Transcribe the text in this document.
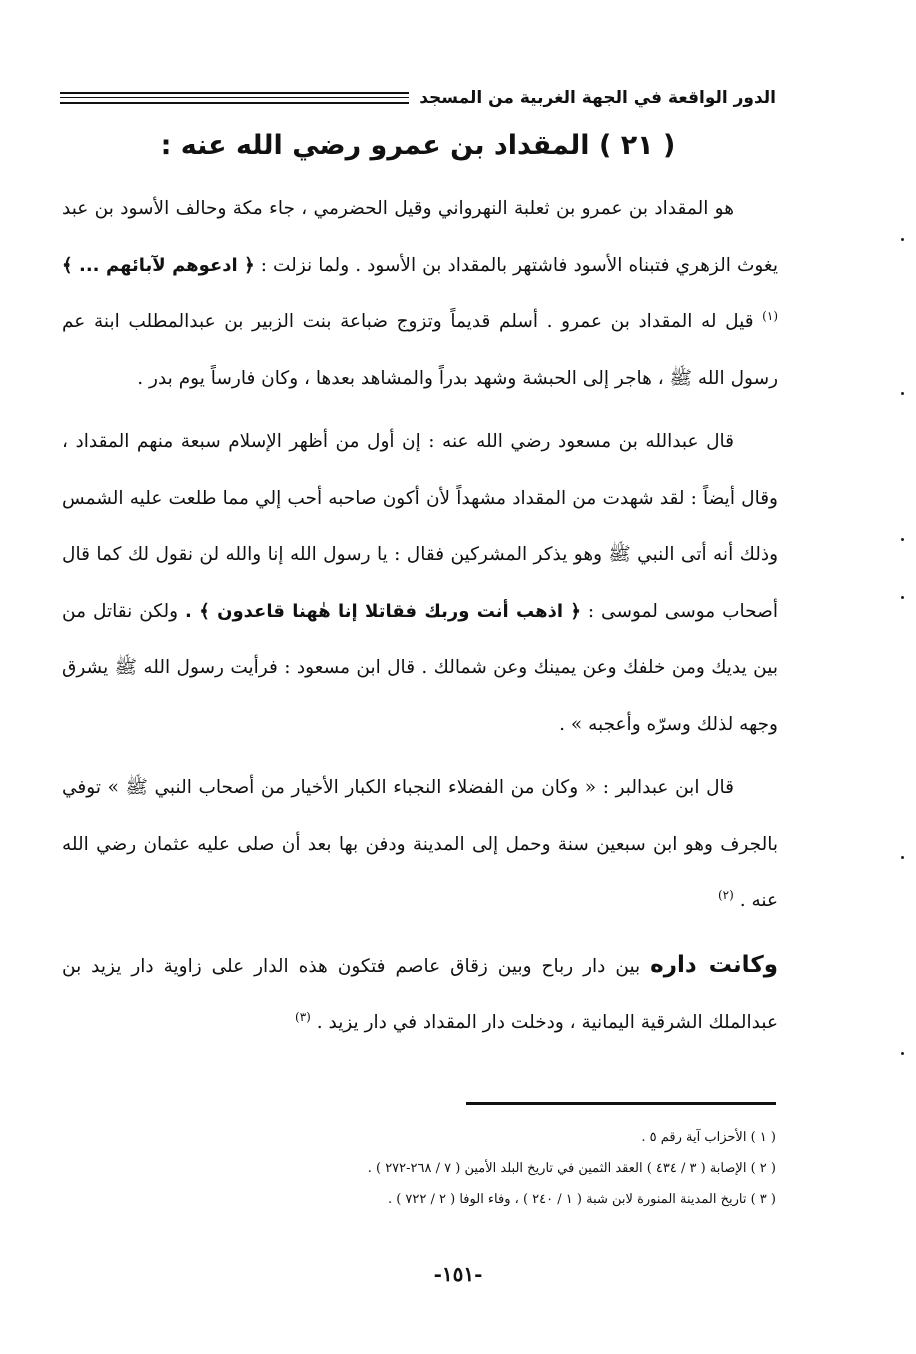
الدور الواقعة في الجهة الغربية من المسجد
( ٢١ ) المقداد بن عمرو رضي الله عنه :

هو المقداد بن عمرو بن ثعلبة النهرواني وقيل الحضرمي ، جاء مكة وحالف الأسود بن عبد يغوث الزهري فتبناه الأسود فاشتهر بالمقداد بن الأسود . ولما نزلت : ﴿ ادعوهم لآبائهم ... ﴾ $^{(١)}$ قيل له المقداد بن عمرو . أسلم قديماً وتزوج ضباعة بنت الزبير بن عبدالمطلب ابنة عم رسول الله ﷺ ، هاجر إلى الحبشة وشهد بدراً والمشاهد بعدها ، وكان فارساً يوم بدر .

قال عبدالله بن مسعود رضي الله عنه : إن أول من أظهر الإسلام سبعة منهم المقداد ، وقال أيضاً : لقد شهدت من المقداد مشهداً لأن أكون صاحبه أحب إلي مما طلعت عليه الشمس وذلك أنه أتى النبي ﷺ وهو يذكر المشركين فقال : يا رسول الله إنا والله لن نقول لك كما قال أصحاب موسى لموسى : ﴿ اذهب أنت وربك فقاتلا إنا هٰهنا قاعدون ﴾ . ولكن نقاتل من بين يديك ومن خلفك وعن يمينك وعن شمالك . قال ابن مسعود : فرأيت رسول الله ﷺ يشرق وجهه لذلك وسرّه وأعجبه » .

قال ابن عبدالبر : « وكان من الفضلاء النجباء الكبار الأخيار من أصحاب النبي ﷺ » توفي بالجرف وهو ابن سبعين سنة وحمل إلى المدينة ودفن بها بعد أن صلى عليه عثمان رضي الله عنه . $^{(٢)}$

وكانت داره بين دار رباح وبين زقاق عاصم فتكون هذه الدار على زاوية دار يزيد بن عبدالملك الشرقية اليمانية ، ودخلت دار المقداد في دار يزيد . $^{(٣)}$

( ١ ) الأحزاب آية رقم ٥ .
( ٢ ) الإصابة ( ٣ / ٤٣٤ ) العقد الثمين في تاريخ البلد الأمين ( ٧ / ٢٦٨-٢٧٢ ) .
( ٣ ) تاريخ المدينة المنورة لابن شبة ( ١ / ٢٤٠ ) ، وفاء الوفا ( ٢ / ٧٢٢ ) .
-١٥١-
